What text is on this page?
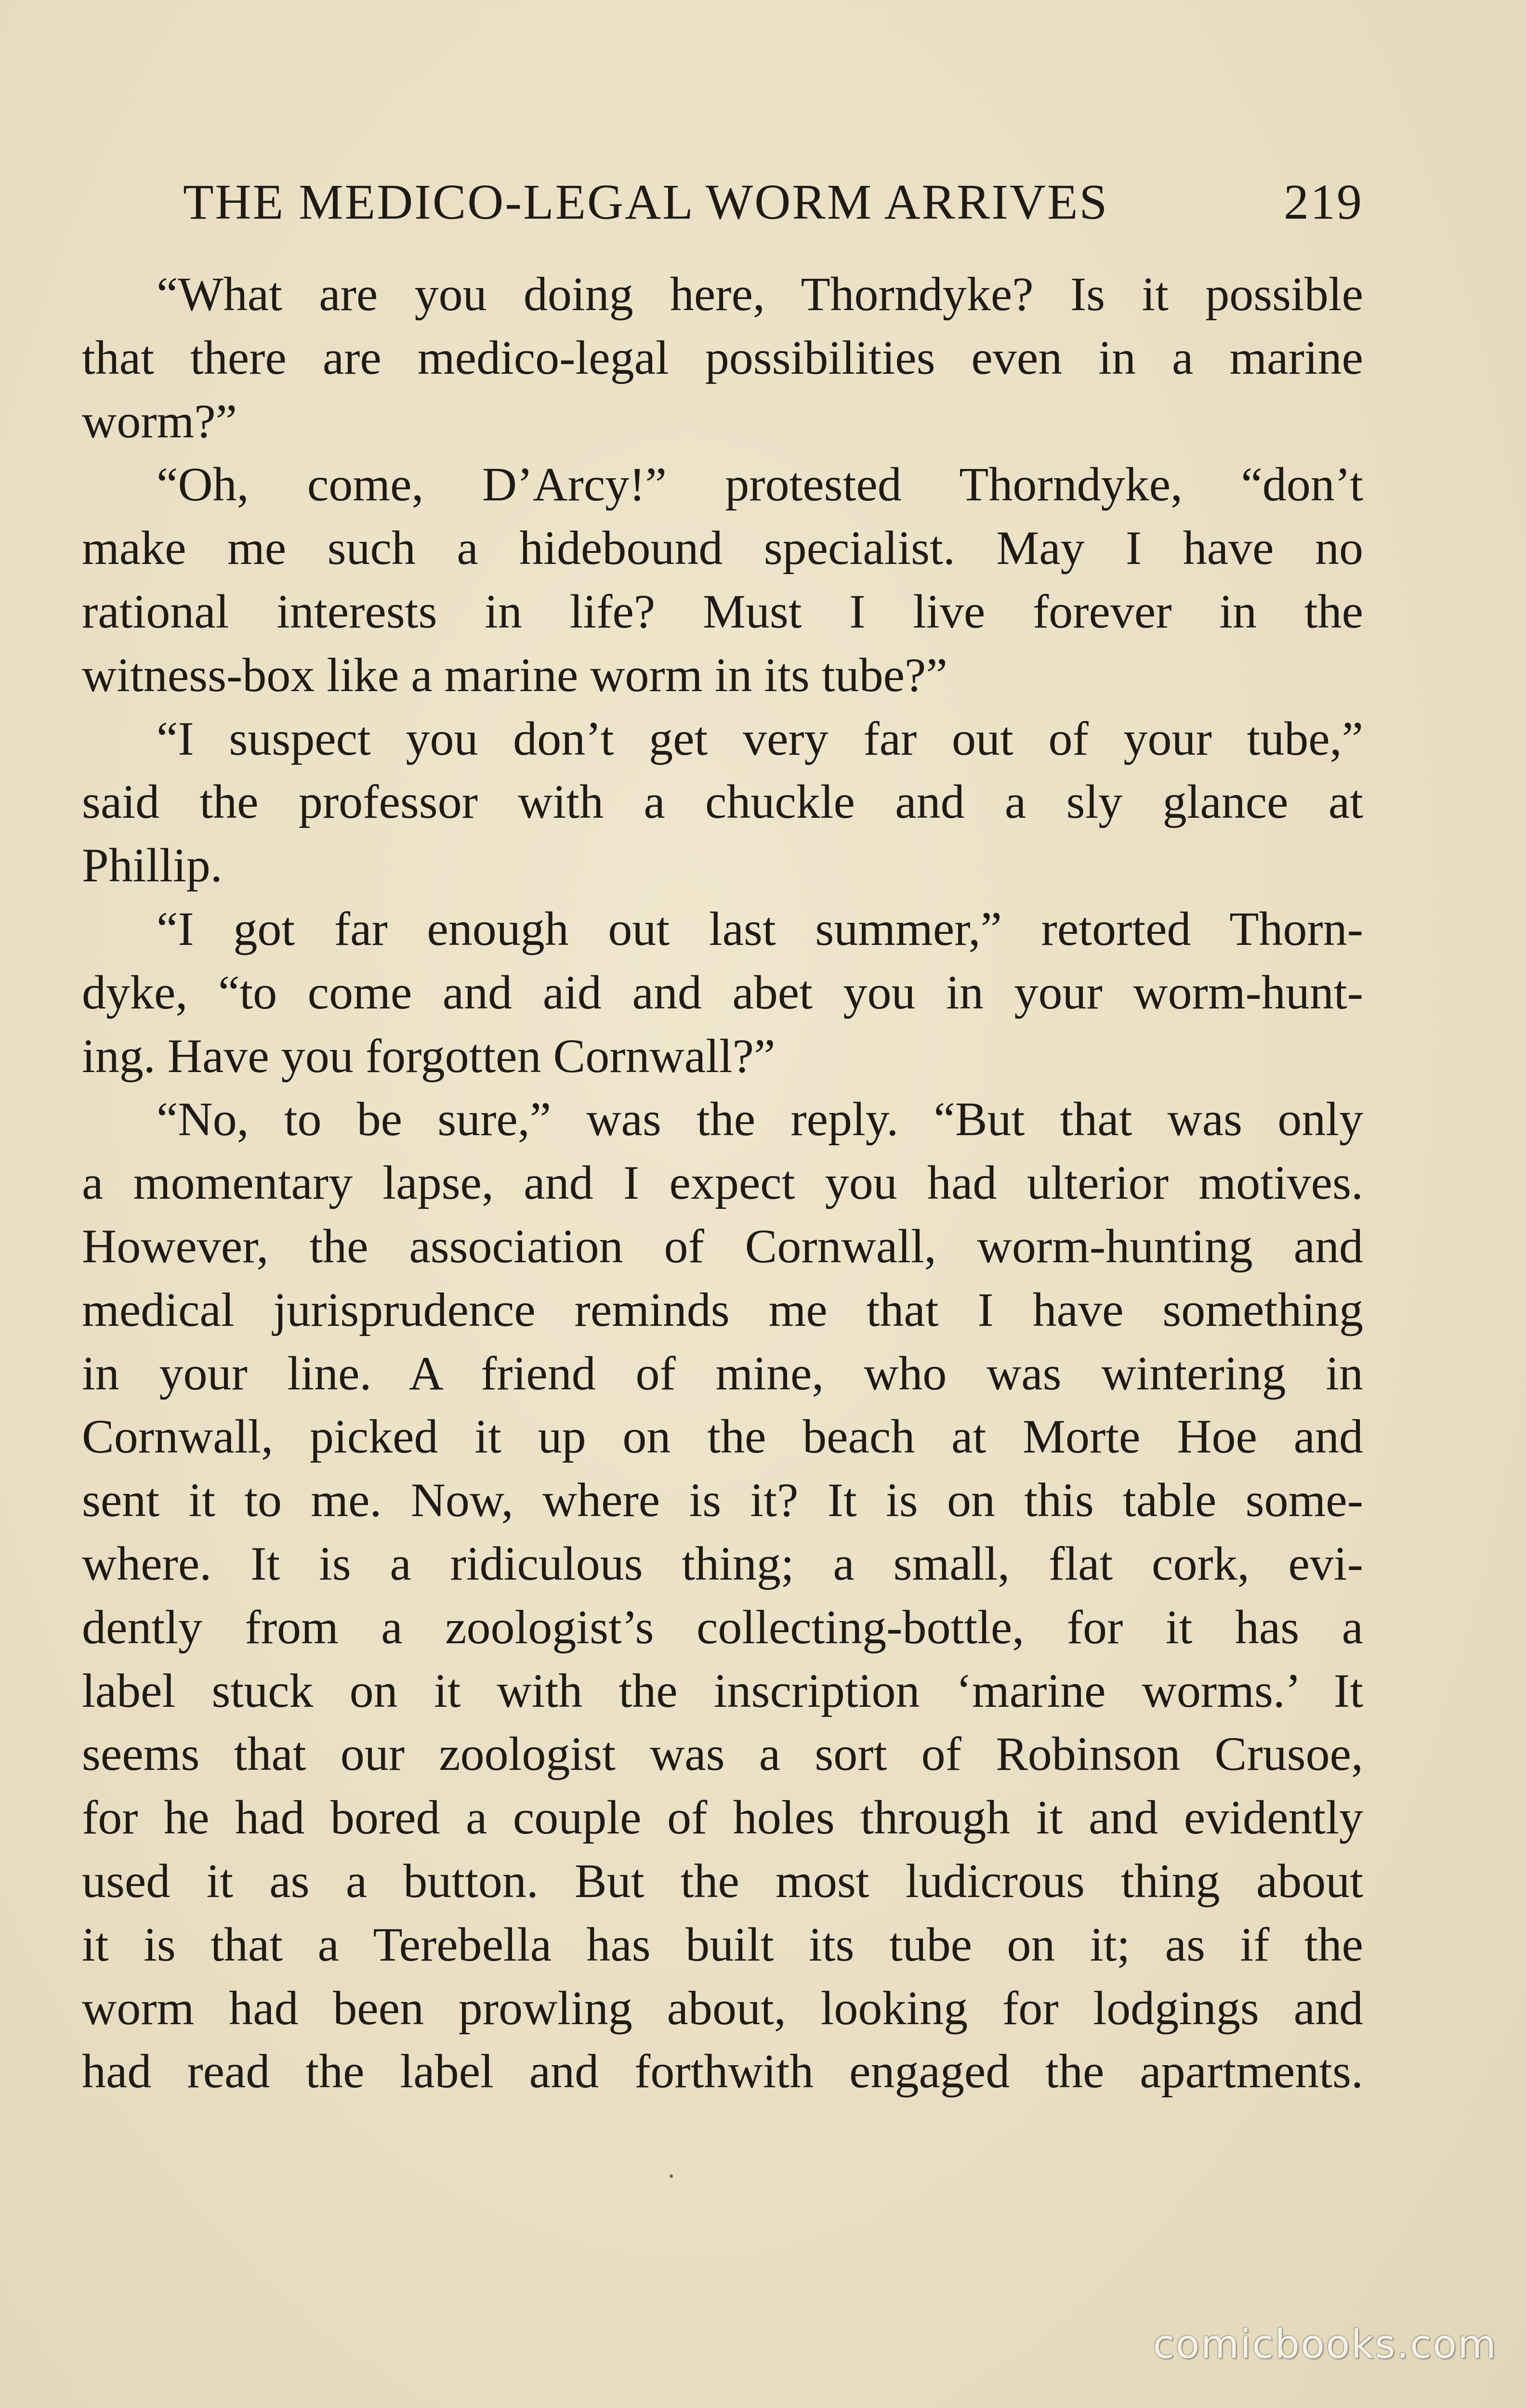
THE MEDICO-LEGAL WORM ARRIVES	219
“What are you doing here, Thorndyke? Is it possible
that there are medico-legal possibilities even in a marine
worm?”
“Oh, come, D’Arcy!” protested Thorndyke, “don’t
make me such a hidebound specialist. May I have no
rational interests in life? Must I live forever in the
witness-box like a marine worm in its tube?”
“I suspect you don’t get very far out of your tube,”
said the professor with a chuckle and a sly glance at
Phillip.
“I got far enough out last summer,” retorted Thorn-
dyke, “to come and aid and abet you in your worm-hunt-
ing. Have you forgotten Cornwall?”
“No, to be sure,” was the reply. “But that was only
a momentary lapse, and I expect you had ulterior motives.
However, the association of Cornwall, worm-hunting and
medical jurisprudence reminds me that I have something
in your line. A friend of mine, who was wintering in
Cornwall, picked it up on the beach at Morte Hoe and
sent it to me. Now, where is it? It is on this table some-
where. It is a ridiculous thing; a small, flat cork, evi-
dently from a zoologist’s collecting-bottle, for it has a
label stuck on it with the inscription ‘marine worms.’ It
seems that our zoologist was a sort of Robinson Crusoe,
for he had bored a couple of holes through it and evidently
used it as a button. But the most ludicrous thing about
it is that a Terebella has built its tube on it; as if the
worm had been prowling about, looking for lodgings and
had read the label and forthwith engaged the apartments.
comicbooks.com
